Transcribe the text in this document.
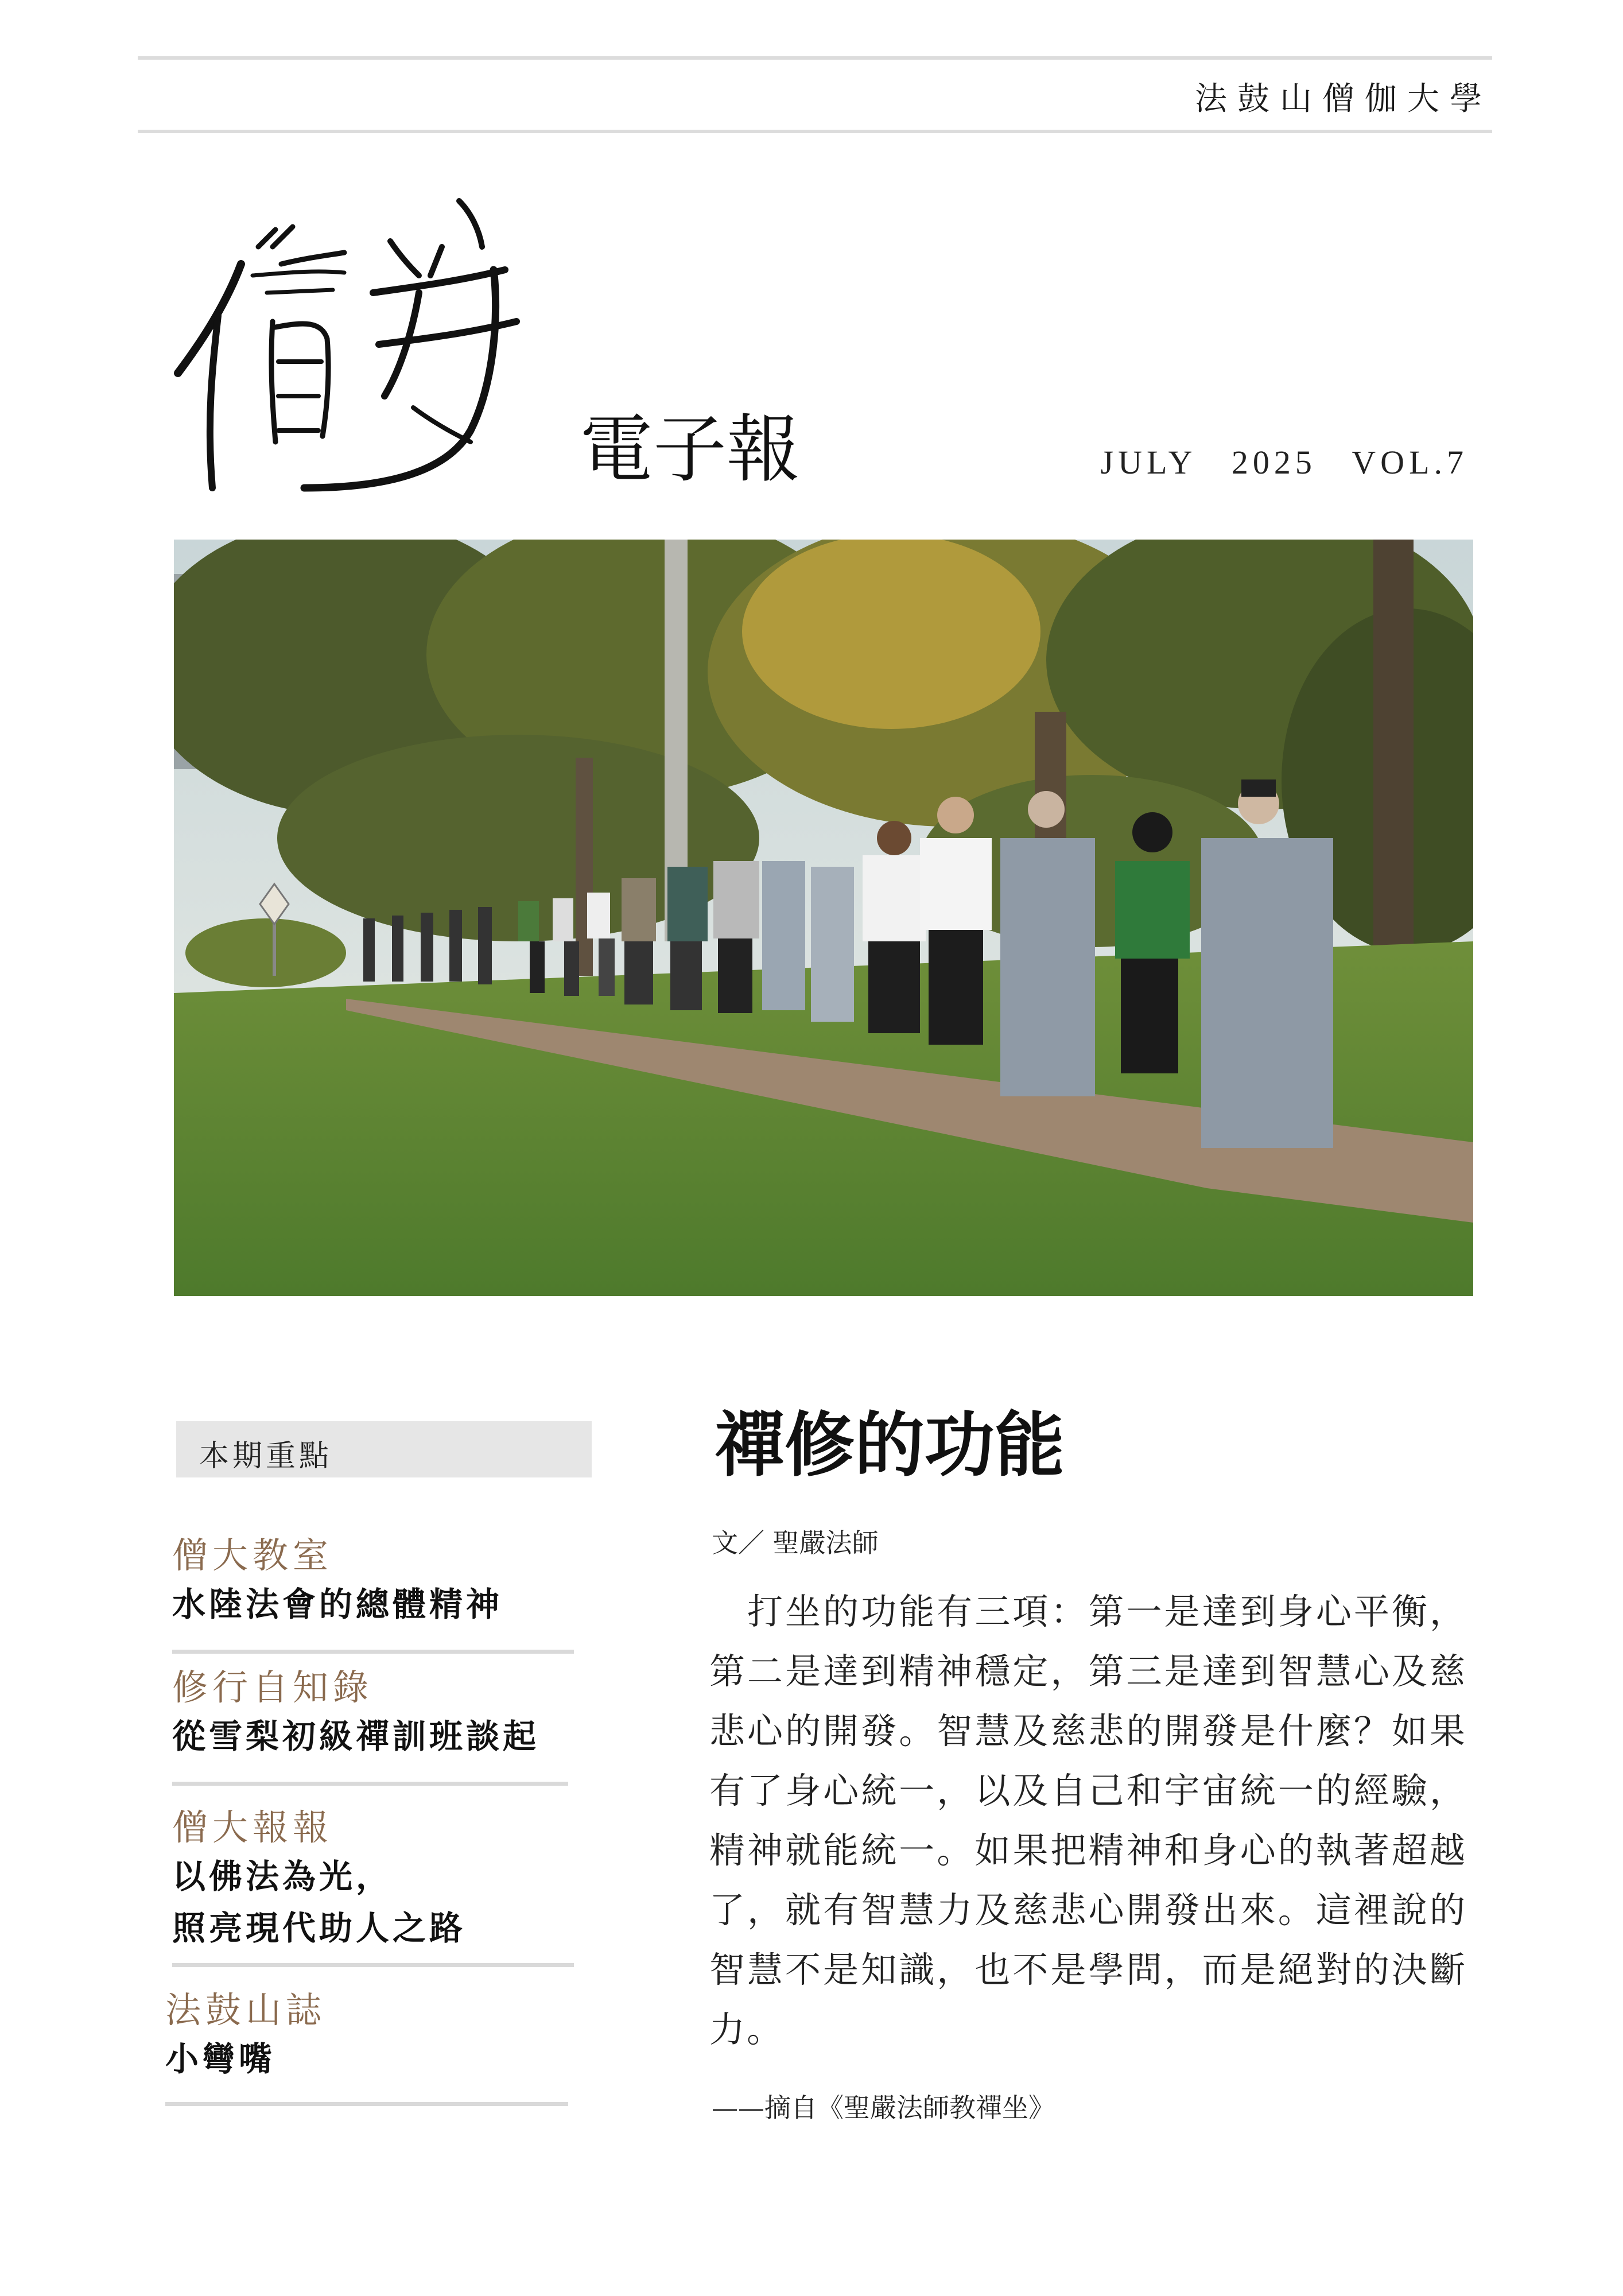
法鼓山僧伽大學
電子報	JULY 2025 VOL.7
本期重點
僧大教室
水陸法會的總體精神
修行自知錄
從雪梨初級禪訓班談起
僧大報報
以佛法為光，
照亮現代助人之路
法鼓山誌
小彎嘴
禪修的功能
文／ 聖嚴法師
打坐的功能有三項：第一是達到身心平衡，第二是達到精神穩定，第三是達到智慧心及慈悲心的開發。智慧及慈悲的開發是什麼？如果有了身心統一，以及自己和宇宙統一的經驗，精神就能統一。如果把精神和身心的執著超越了，就有智慧力及慈悲心開發出來。這裡說的智慧不是知識，也不是學問，而是絕對的決斷力。
——摘自《聖嚴法師教禪坐》
